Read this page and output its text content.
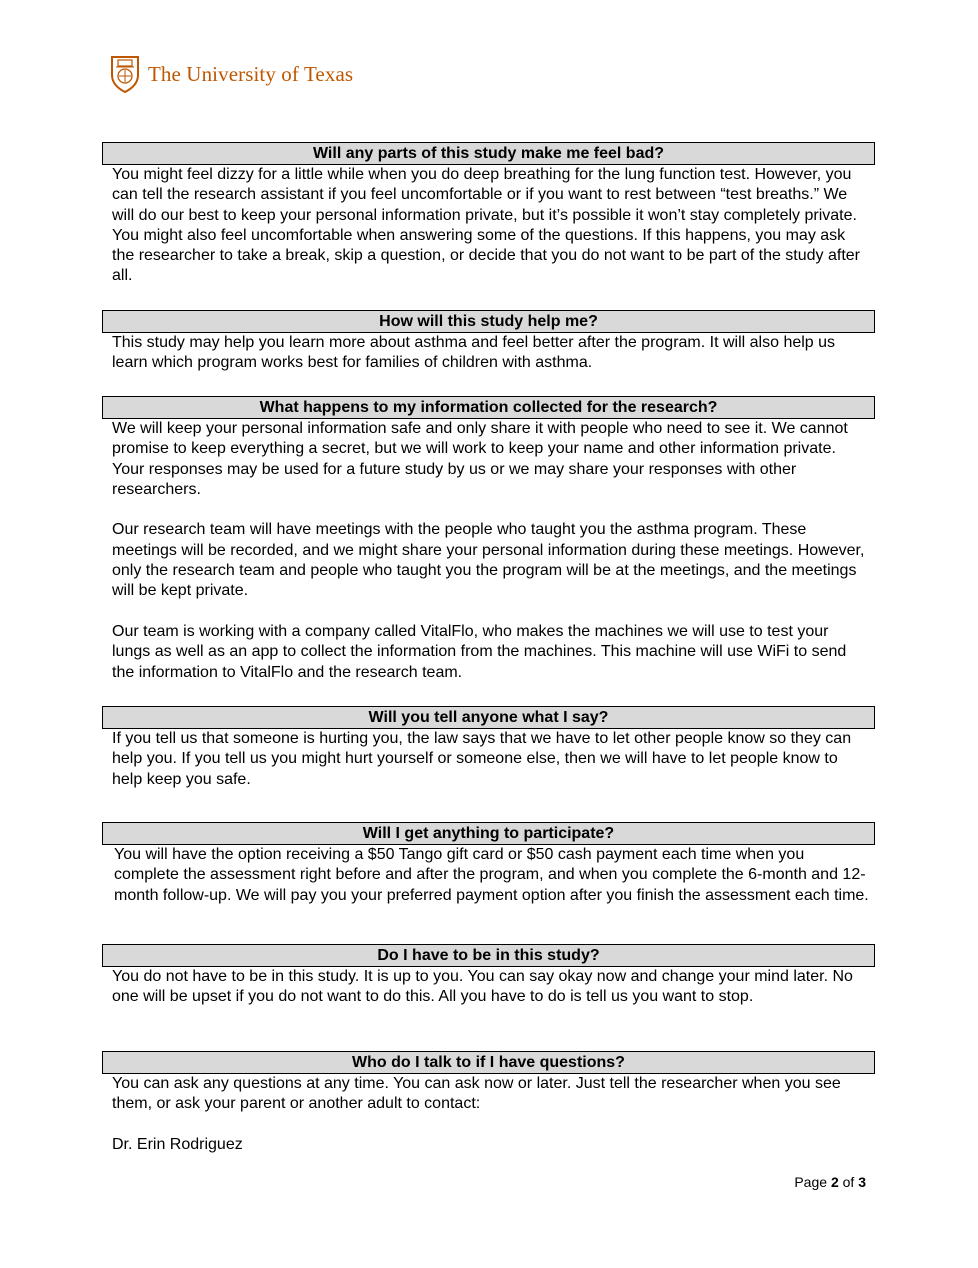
The University of Texas
Will any parts of this study make me feel bad?

You might feel dizzy for a little while when you do deep breathing for the lung function test. However, you can tell the research assistant if you feel uncomfortable or if you want to rest between “test breaths.” We will do our best to keep your personal information private, but it’s possible it won’t stay completely private. You might also feel uncomfortable when answering some of the questions. If this happens, you may ask the researcher to take a break, skip a question, or decide that you do not want to be part of the study after all.

How will this study help me?

This study may help you learn more about asthma and feel better after the program. It will also help us learn which program works best for families of children with asthma.

What happens to my information collected for the research?

We will keep your personal information safe and only share it with people who need to see it. We cannot promise to keep everything a secret, but we will work to keep your name and other information private. Your responses may be used for a future study by us or we may share your responses with other researchers.

Our research team will have meetings with the people who taught you the asthma program. These meetings will be recorded, and we might share your personal information during these meetings. However, only the research team and people who taught you the program will be at the meetings, and the meetings will be kept private.

Our team is working with a company called VitalFlo, who makes the machines we will use to test your lungs as well as an app to collect the information from the machines. This machine will use WiFi to send the information to VitalFlo and the research team.

Will you tell anyone what I say?

If you tell us that someone is hurting you, the law says that we have to let other people know so they can help you. If you tell us you might hurt yourself or someone else, then we will have to let people know to help keep you safe.

Will I get anything to participate?

You will have the option receiving a $50 Tango gift card or $50 cash payment each time when you complete the assessment right before and after the program, and when you complete the 6-month and 12-month follow-up. We will pay you your preferred payment option after you finish the assessment each time.

Do I have to be in this study?

You do not have to be in this study. It is up to you. You can say okay now and change your mind later. No one will be upset if you do not want to do this. All you have to do is tell us you want to stop.

Who do I talk to if I have questions?

You can ask any questions at any time. You can ask now or later. Just tell the researcher when you see them, or ask your parent or another adult to contact:

Dr. Erin Rodriguez

Page 2 of 3
